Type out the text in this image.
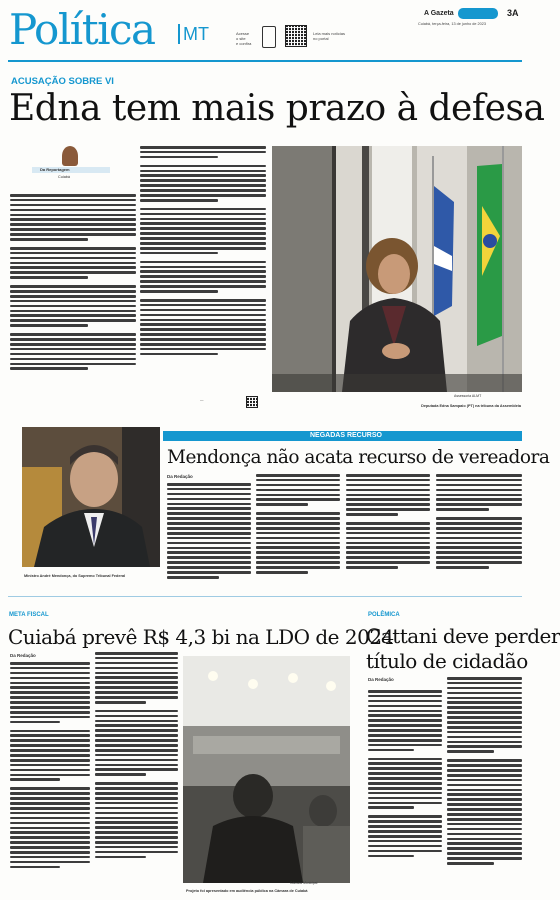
Política MT	Acesse
o site
e confira
Leia mais notícias
no portal
A Gazeta
Cuiabá, terça-feira, 13 de junho de 2023
3A
ACUSAÇÃO SOBRE VI
Edna tem mais prazo à defesa
Da Reportagem
Cuiabá
—
Assessoria ALMT
Deputada Edna Sampaio (PT) na tribuna da Assembleia
Ministro André Mendonça, do Supremo Tribunal Federal
NEGADAS RECURSO
Mendonça não acata recurso de vereadora
Da Redação
META FISCAL
Cuiabá prevê R$ 4,3 bi na LDO de 2024
Da Redação
Câmara Municipal
Projeto foi apresentado em audiência pública na Câmara de Cuiabá
POLÊMICA
Cattani deve perder
título de cidadão
Da Redação
